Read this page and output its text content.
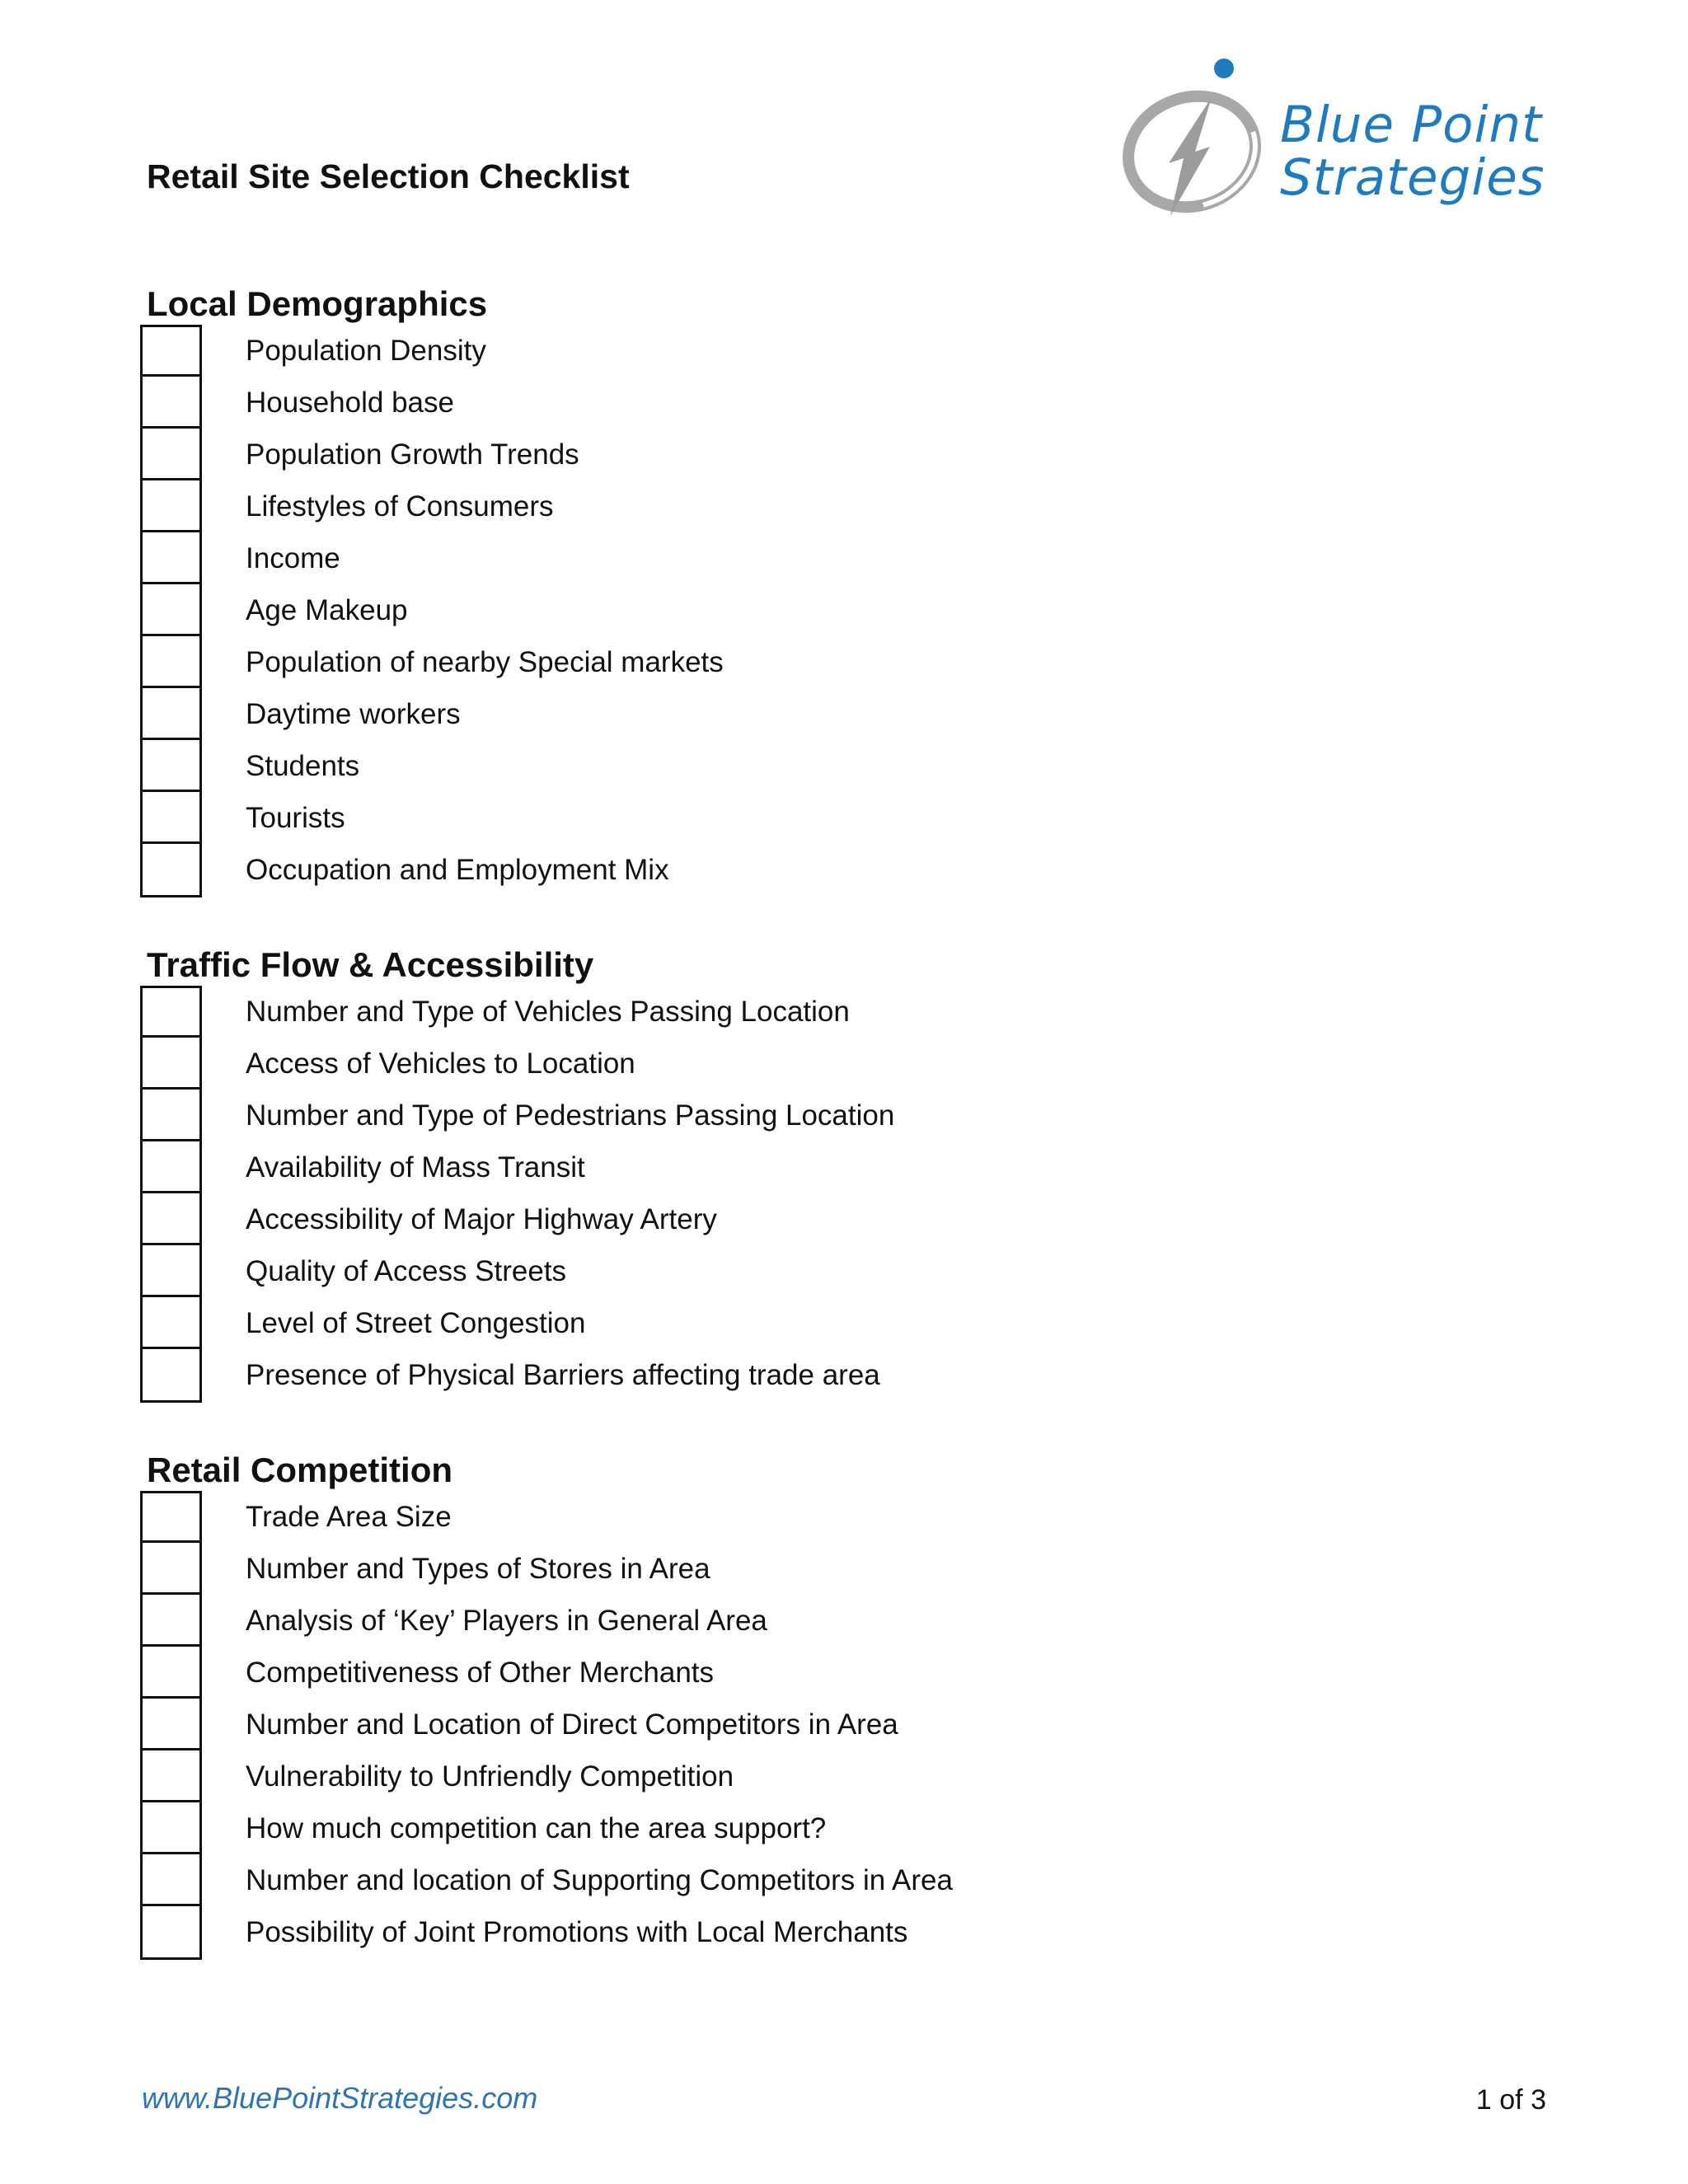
Retail Site Selection Checklist
Blue Point
Strategies
Local Demographics
Population Density
Household base
Population Growth Trends
Lifestyles of Consumers
Income
Age Makeup
Population of nearby Special markets
Daytime workers
Students
Tourists
Occupation and Employment Mix
Traffic Flow & Accessibility
Number and Type of Vehicles Passing Location
Access of Vehicles to Location
Number and Type of Pedestrians Passing Location
Availability of Mass Transit
Accessibility of Major Highway Artery
Quality of Access Streets
Level of Street Congestion
Presence of Physical Barriers affecting trade area
Retail Competition
Trade Area Size
Number and Types of Stores in Area
Analysis of ‘Key’ Players in General Area
Competitiveness of Other Merchants
Number and Location of Direct Competitors in Area
Vulnerability to Unfriendly Competition
How much competition can the area support?
Number and location of Supporting Competitors in Area
Possibility of Joint Promotions with Local Merchants
www.BluePointStrategies.com	1 of 3
